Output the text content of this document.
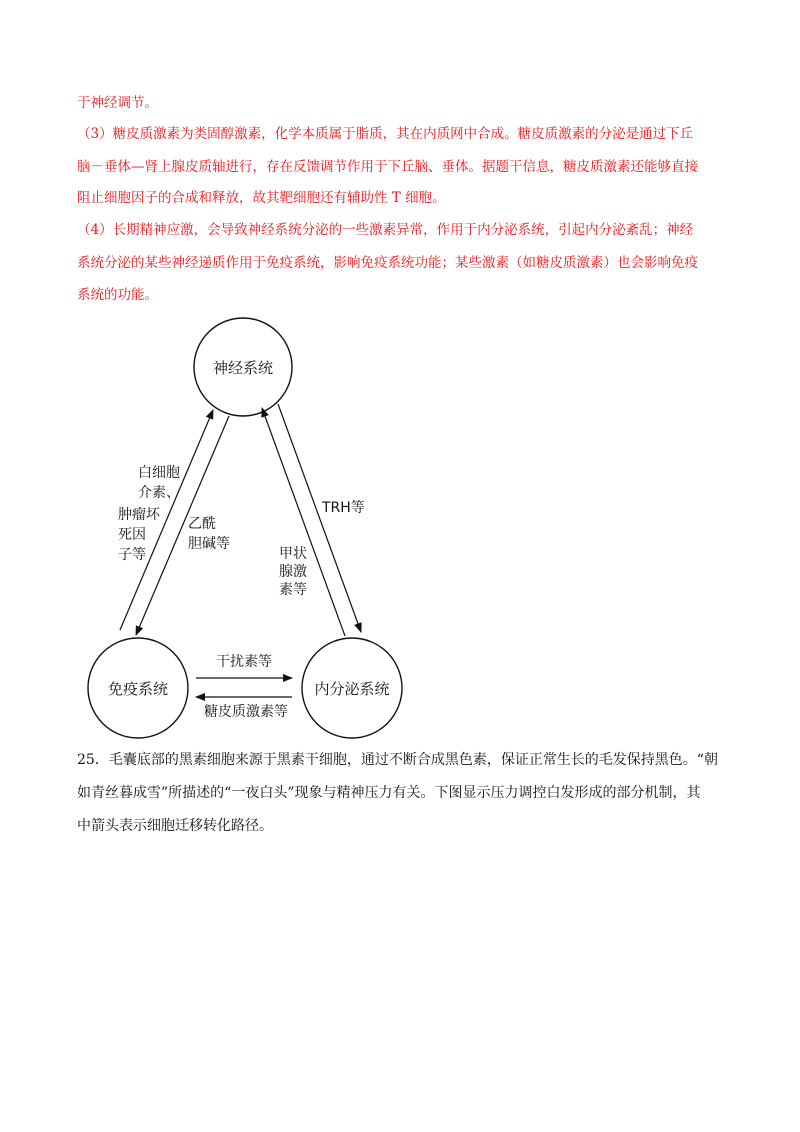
于神经调节。
（3）糖皮质激素为类固醇激素，化学本质属于脂质，其在内质网中合成。糖皮质激素的分泌是通过下丘
脑－垂体—肾上腺皮质轴进行，存在反馈调节作用于下丘脑、垂体。据题干信息，糖皮质激素还能够直接
阻止细胞因子的合成和释放，故其靶细胞还有辅助性 T 细胞。
（4）长期精神应激，会导致神经系统分泌的一些激素异常，作用于内分泌系统，引起内分泌紊乱；神经
系统分泌的某些神经递质作用于免疫系统，影响免疫系统功能；某些激素（如糖皮质激素）也会影响免疫
系统的功能。
神经系统
免疫系统	内分泌系统
白细胞
介素、
肿瘤坏
死因
子等
乙酰
胆碱等
TRH等
甲状
腺激
素等
干扰素等
糖皮质激素等
25．毛囊底部的黑素细胞来源于黑素干细胞，通过不断合成黑色素，保证正常生长的毛发保持黑色。“朝
如青丝暮成雪”所描述的“一夜白头”现象与精神压力有关。下图显示压力调控白发形成的部分机制，其
中箭头表示细胞迁移转化路径。
